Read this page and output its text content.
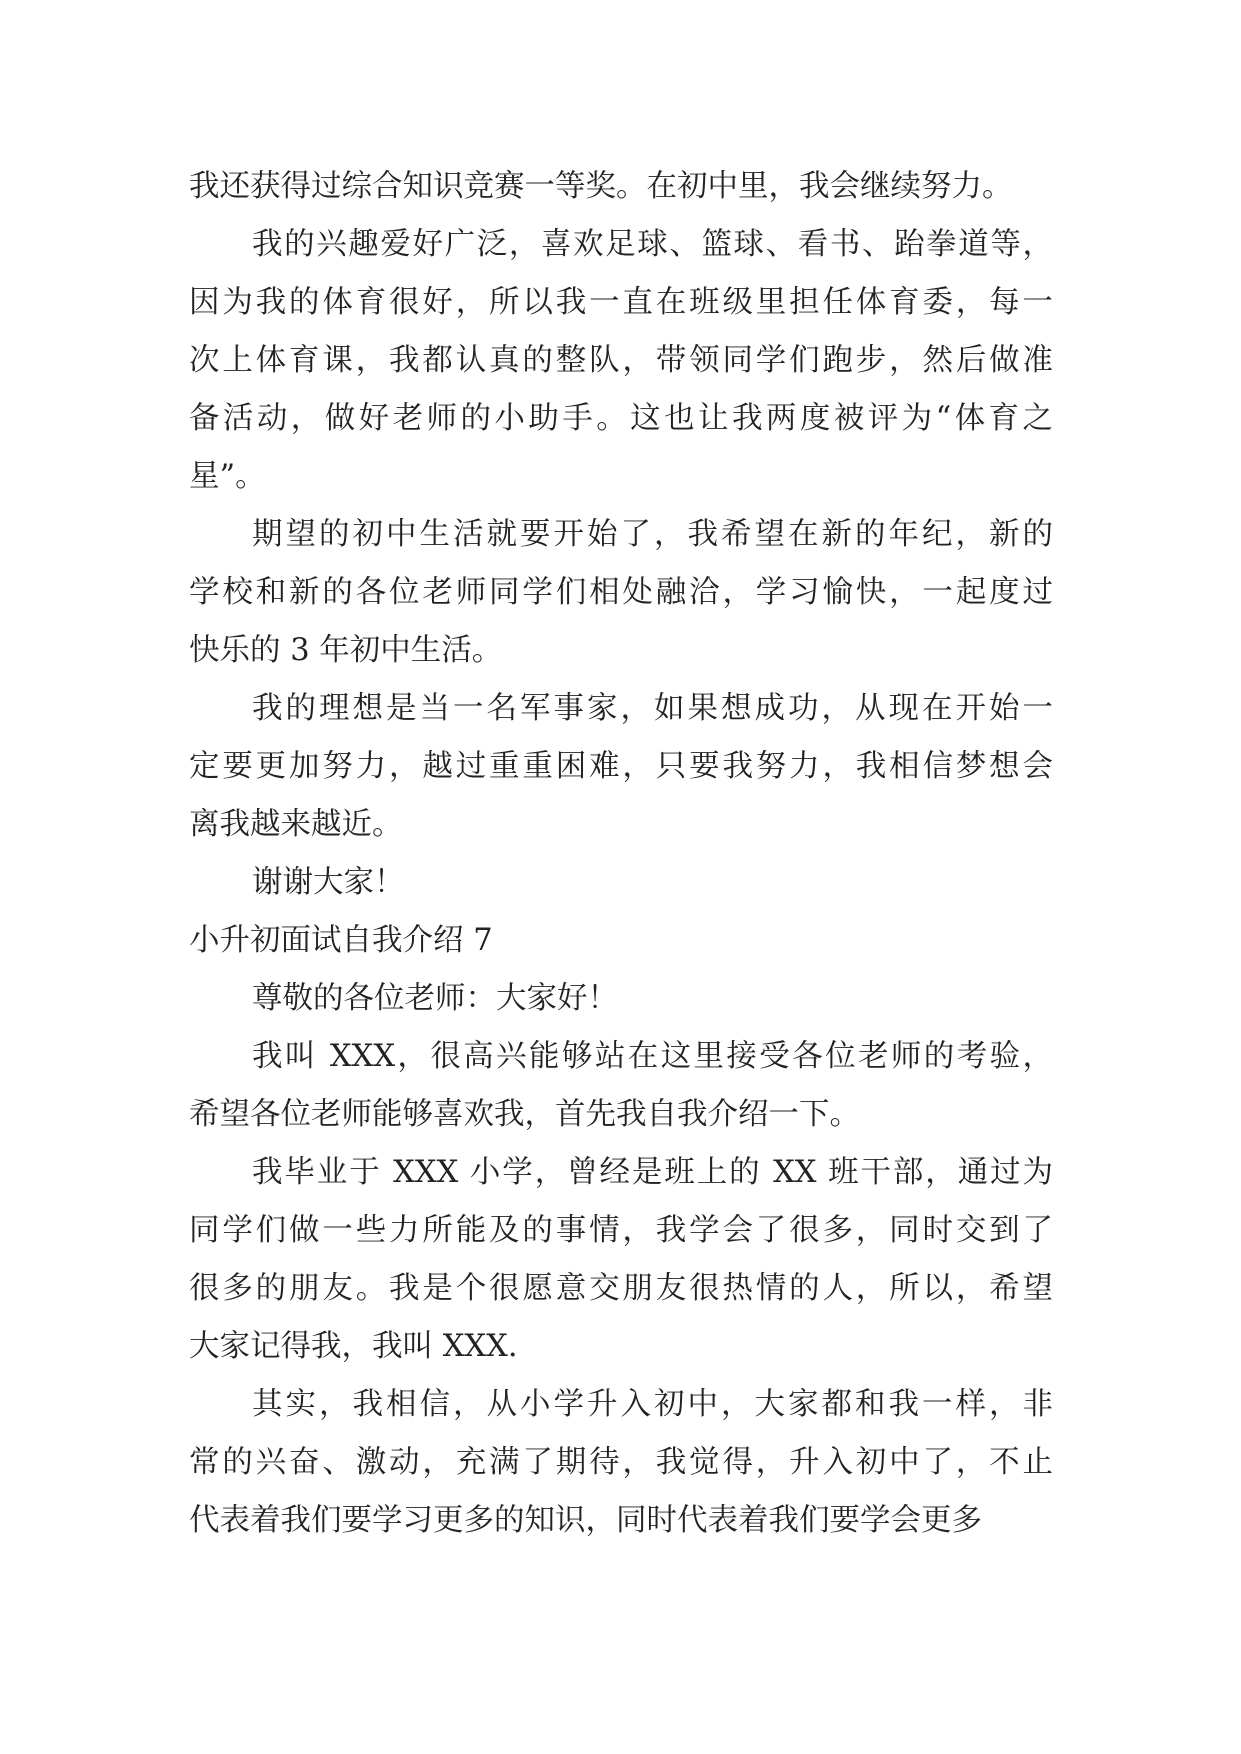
我还获得过综合知识竞赛一等奖。在初中里，我会继续努力。
我的兴趣爱好广泛，喜欢足球、篮球、看书、跆拳道等，
因为我的体育很好，所以我一直在班级里担任体育委，每一
次上体育课，我都认真的整队，带领同学们跑步，然后做准
备活动，做好老师的小助手。这也让我两度被评为“体育之
星”。
期望的初中生活就要开始了，我希望在新的年纪，新的
学校和新的各位老师同学们相处融洽，学习愉快，一起度过
快乐的 3 年初中生活。
我的理想是当一名军事家，如果想成功，从现在开始一
定要更加努力，越过重重困难，只要我努力，我相信梦想会
离我越来越近。
谢谢大家！
小升初面试自我介绍 7
尊敬的各位老师：大家好！
我叫 XXX，很高兴能够站在这里接受各位老师的考验，
希望各位老师能够喜欢我，首先我自我介绍一下。
我毕业于 XXX 小学，曾经是班上的 XX 班干部，通过为
同学们做一些力所能及的事情，我学会了很多，同时交到了
很多的朋友。我是个很愿意交朋友很热情的人，所以，希望
大家记得我，我叫 XXX.
其实，我相信，从小学升入初中，大家都和我一样，非
常的兴奋、激动，充满了期待，我觉得，升入初中了，不止
代表着我们要学习更多的知识，同时代表着我们要学会更多
